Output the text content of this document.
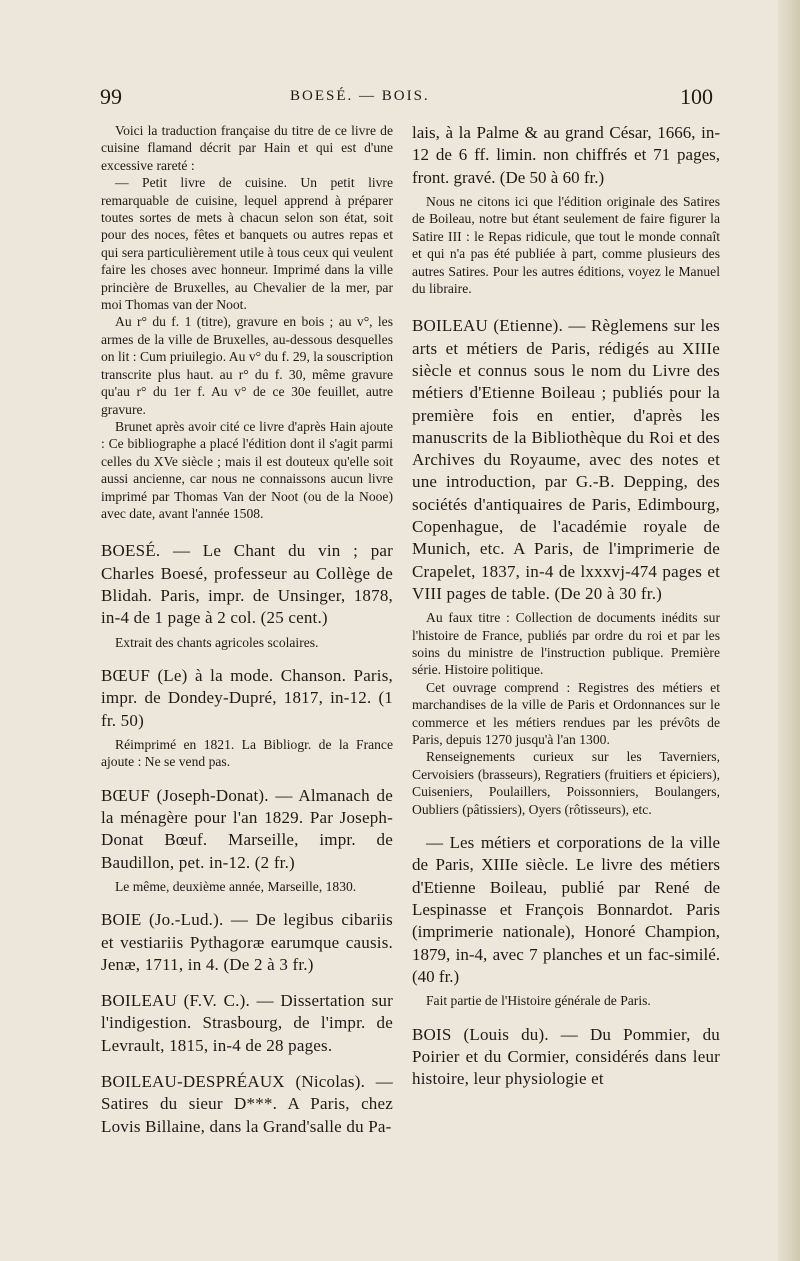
99	BOESÉ. — BOIS.	100

Voici la traduction française du titre de ce livre de cuisine flamand décrit par Hain et qui est d'une excessive rareté :

— Petit livre de cuisine. Un petit livre remarquable de cuisine, lequel apprend à préparer toutes sortes de mets à chacun selon son état, soit pour des noces, fêtes et banquets ou autres repas et qui sera particulièrement utile à tous ceux qui veulent faire les choses avec honneur. Imprimé dans la ville princière de Bruxelles, au Chevalier de la mer, par moi Thomas van der Noot.

Au r° du f. 1 (titre), gravure en bois ; au v°, les armes de la ville de Bruxelles, au-dessous desquelles on lit : Cum priuilegio. Au v° du f. 29, la souscription transcrite plus haut. au r° du f. 30, même gravure qu'au r° du 1er f. Au v° de ce 30e feuillet, autre gravure.

Brunet après avoir cité ce livre d'après Hain ajoute : Ce bibliographe a placé l'édition dont il s'agit parmi celles du XVe siècle ; mais il est douteux qu'elle soit aussi ancienne, car nous ne connaissons aucun livre imprimé par Thomas Van der Noot (ou de la Nooe) avec date, avant l'année 1508.

BOESÉ. — Le Chant du vin ; par Charles Boesé, professeur au Collège de Blidah. Paris, impr. de Unsinger, 1878, in-4 de 1 page à 2 col. (25 cent.)

Extrait des chants agricoles scolaires.

BŒUF (Le) à la mode. Chanson. Paris, impr. de Dondey-Dupré, 1817, in-12. (1 fr. 50)

Réimprimé en 1821. La Bibliogr. de la France ajoute : Ne se vend pas.

BŒUF (Joseph-Donat). — Almanach de la ménagère pour l'an 1829. Par Joseph-Donat Bœuf. Marseille, impr. de Baudillon, pet. in-12. (2 fr.)

Le même, deuxième année, Marseille, 1830.

BOIE (Jo.-Lud.). — De legibus cibariis et vestiariis Pythagoræ earumque causis. Jenæ, 1711, in 4. (De 2 à 3 fr.)

BOILEAU (F.V. C.). — Dissertation sur l'indigestion. Strasbourg, de l'impr. de Levrault, 1815, in-4 de 28 pages.

BOILEAU-DESPRÉAUX (Nicolas). — Satires du sieur D***. A Paris, chez Lovis Billaine, dans la Grand'salle du Pa-

lais, à la Palme & au grand César, 1666, in-12 de 6 ff. limin. non chiffrés et 71 pages, front. gravé. (De 50 à 60 fr.)

Nous ne citons ici que l'édition originale des Satires de Boileau, notre but étant seulement de faire figurer la Satire III : le Repas ridicule, que tout le monde connaît et qui n'a pas été publiée à part, comme plusieurs des autres Satires. Pour les autres éditions, voyez le Manuel du libraire.

BOILEAU (Etienne). — Règlemens sur les arts et métiers de Paris, rédigés au XIIIe siècle et connus sous le nom du Livre des métiers d'Etienne Boileau ; publiés pour la première fois en entier, d'après les manuscrits de la Bibliothèque du Roi et des Archives du Royaume, avec des notes et une introduction, par G.-B. Depping, des sociétés d'antiquaires de Paris, Edimbourg, Copenhague, de l'académie royale de Munich, etc. A Paris, de l'imprimerie de Crapelet, 1837, in-4 de lxxxvj-474 pages et VIII pages de table. (De 20 à 30 fr.)

Au faux titre : Collection de documents inédits sur l'histoire de France, publiés par ordre du roi et par les soins du ministre de l'instruction publique. Première série. Histoire politique.

Cet ouvrage comprend : Registres des métiers et marchandises de la ville de Paris et Ordonnances sur le commerce et les métiers rendues par les prévôts de Paris, depuis 1270 jusqu'à l'an 1300.

Renseignements curieux sur les Taverniers, Cervoisiers (brasseurs), Regratiers (fruitiers et épiciers), Cuiseniers, Poulaillers, Poissonniers, Boulangers, Oubliers (pâtissiers), Oyers (rôtisseurs), etc.

— Les métiers et corporations de la ville de Paris, XIIIe siècle. Le livre des métiers d'Etienne Boileau, publié par René de Lespinasse et François Bonnardot. Paris (imprimerie nationale), Honoré Champion, 1879, in-4, avec 7 planches et un fac-similé. (40 fr.)

Fait partie de l'Histoire générale de Paris.

BOIS (Louis du). — Du Pommier, du Poirier et du Cormier, considérés dans leur histoire, leur physiologie et
